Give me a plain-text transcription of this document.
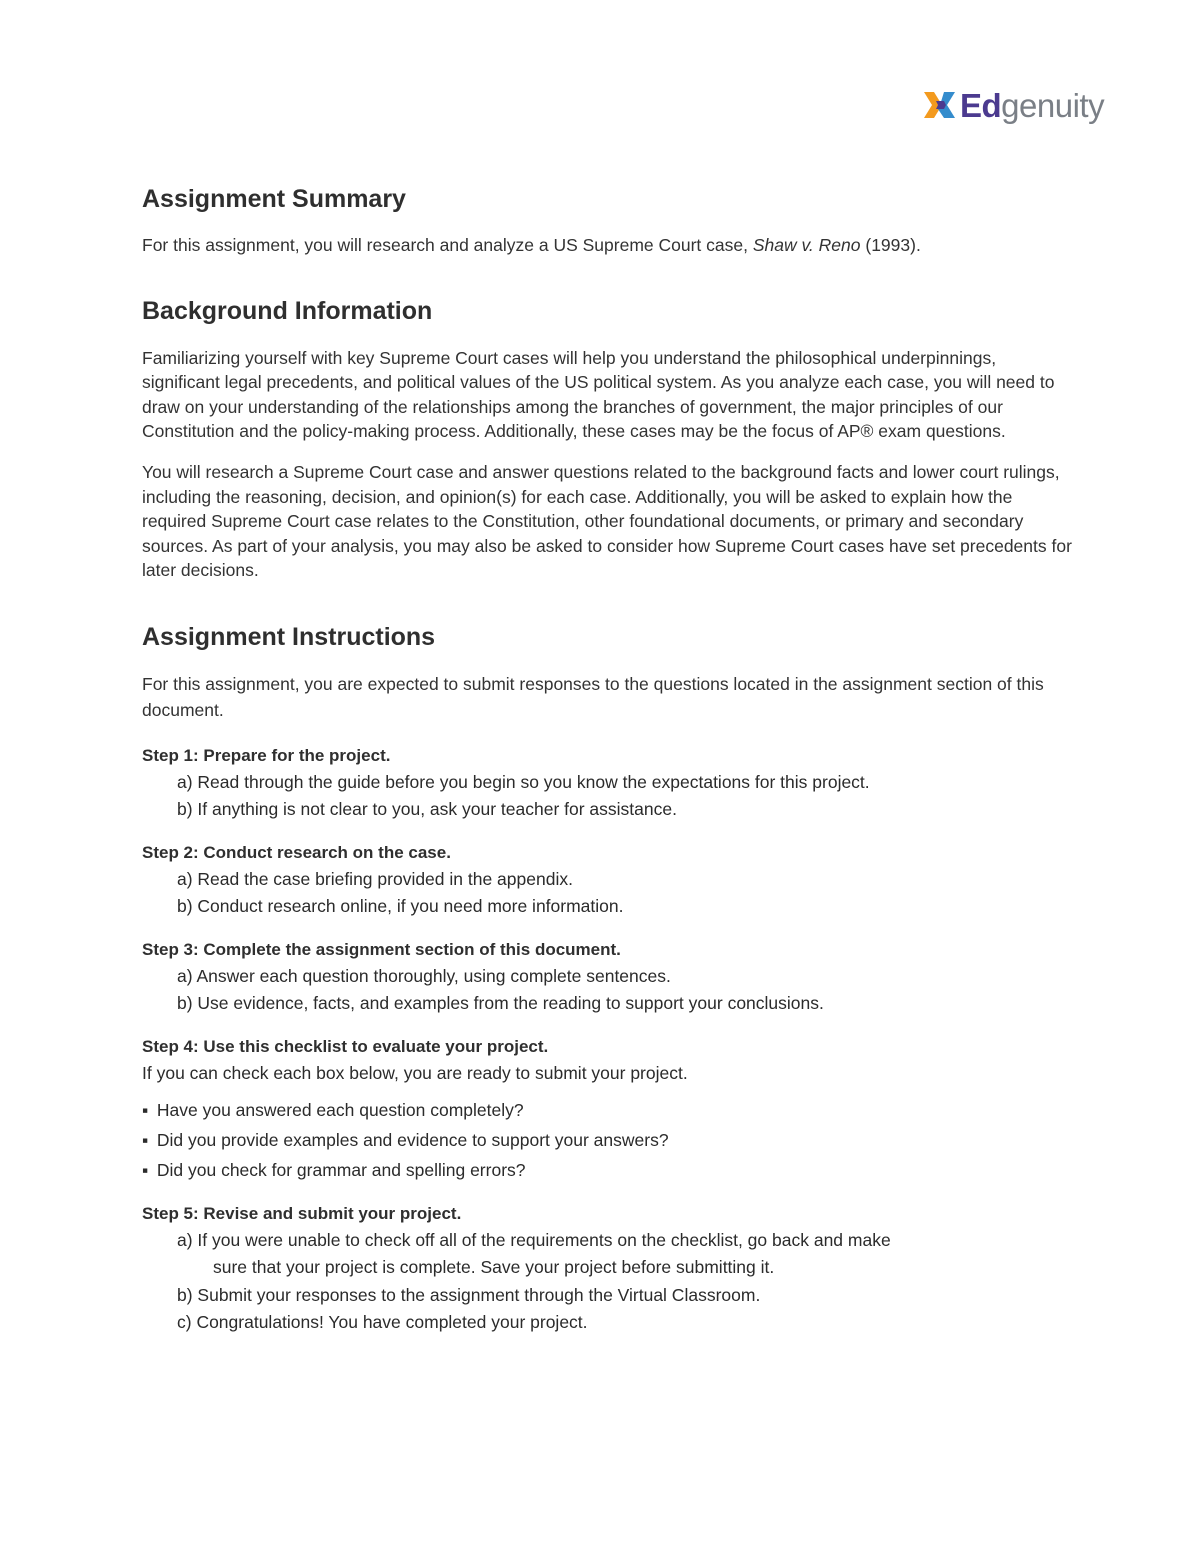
Edgenuity
Assignment Summary

For this assignment, you will research and analyze a US Supreme Court case, Shaw v. Reno (1993).

Background Information

Familiarizing yourself with key Supreme Court cases will help you understand the philosophical underpinnings, significant legal precedents, and political values of the US political system. As you analyze each case, you will need to draw on your understanding of the relationships among the branches of government, the major principles of our Constitution and the policy-making process. Additionally, these cases may be the focus of AP® exam questions.

You will research a Supreme Court case and answer questions related to the background facts and lower court rulings, including the reasoning, decision, and opinion(s) for each case. Additionally, you will be asked to explain how the required Supreme Court case relates to the Constitution, other foundational documents, or primary and secondary sources. As part of your analysis, you may also be asked to consider how Supreme Court cases have set precedents for later decisions.

Assignment Instructions

For this assignment, you are expected to submit responses to the questions located in the assignment section of this document.

Step 1: Prepare for the project.
a) Read through the guide before you begin so you know the expectations for this project.
b) If anything is not clear to you, ask your teacher for assistance.
Step 2: Conduct research on the case.
a) Read the case briefing provided in the appendix.
b) Conduct research online, if you need more information.
Step 3: Complete the assignment section of this document.
a) Answer each question thoroughly, using complete sentences.
b) Use evidence, facts, and examples from the reading to support your conclusions.
Step 4: Use this checklist to evaluate your project.
If you can check each box below, you are ready to submit your project.
▪
Have you answered each question completely?
▪
Did you provide examples and evidence to support your answers?
▪
Did you check for grammar and spelling errors?
Step 5: Revise and submit your project.
a) If you were unable to check off all of the requirements on the checklist, go back and make
sure that your project is complete. Save your project before submitting it.
b) Submit your responses to the assignment through the Virtual Classroom.
c) Congratulations! You have completed your project.
